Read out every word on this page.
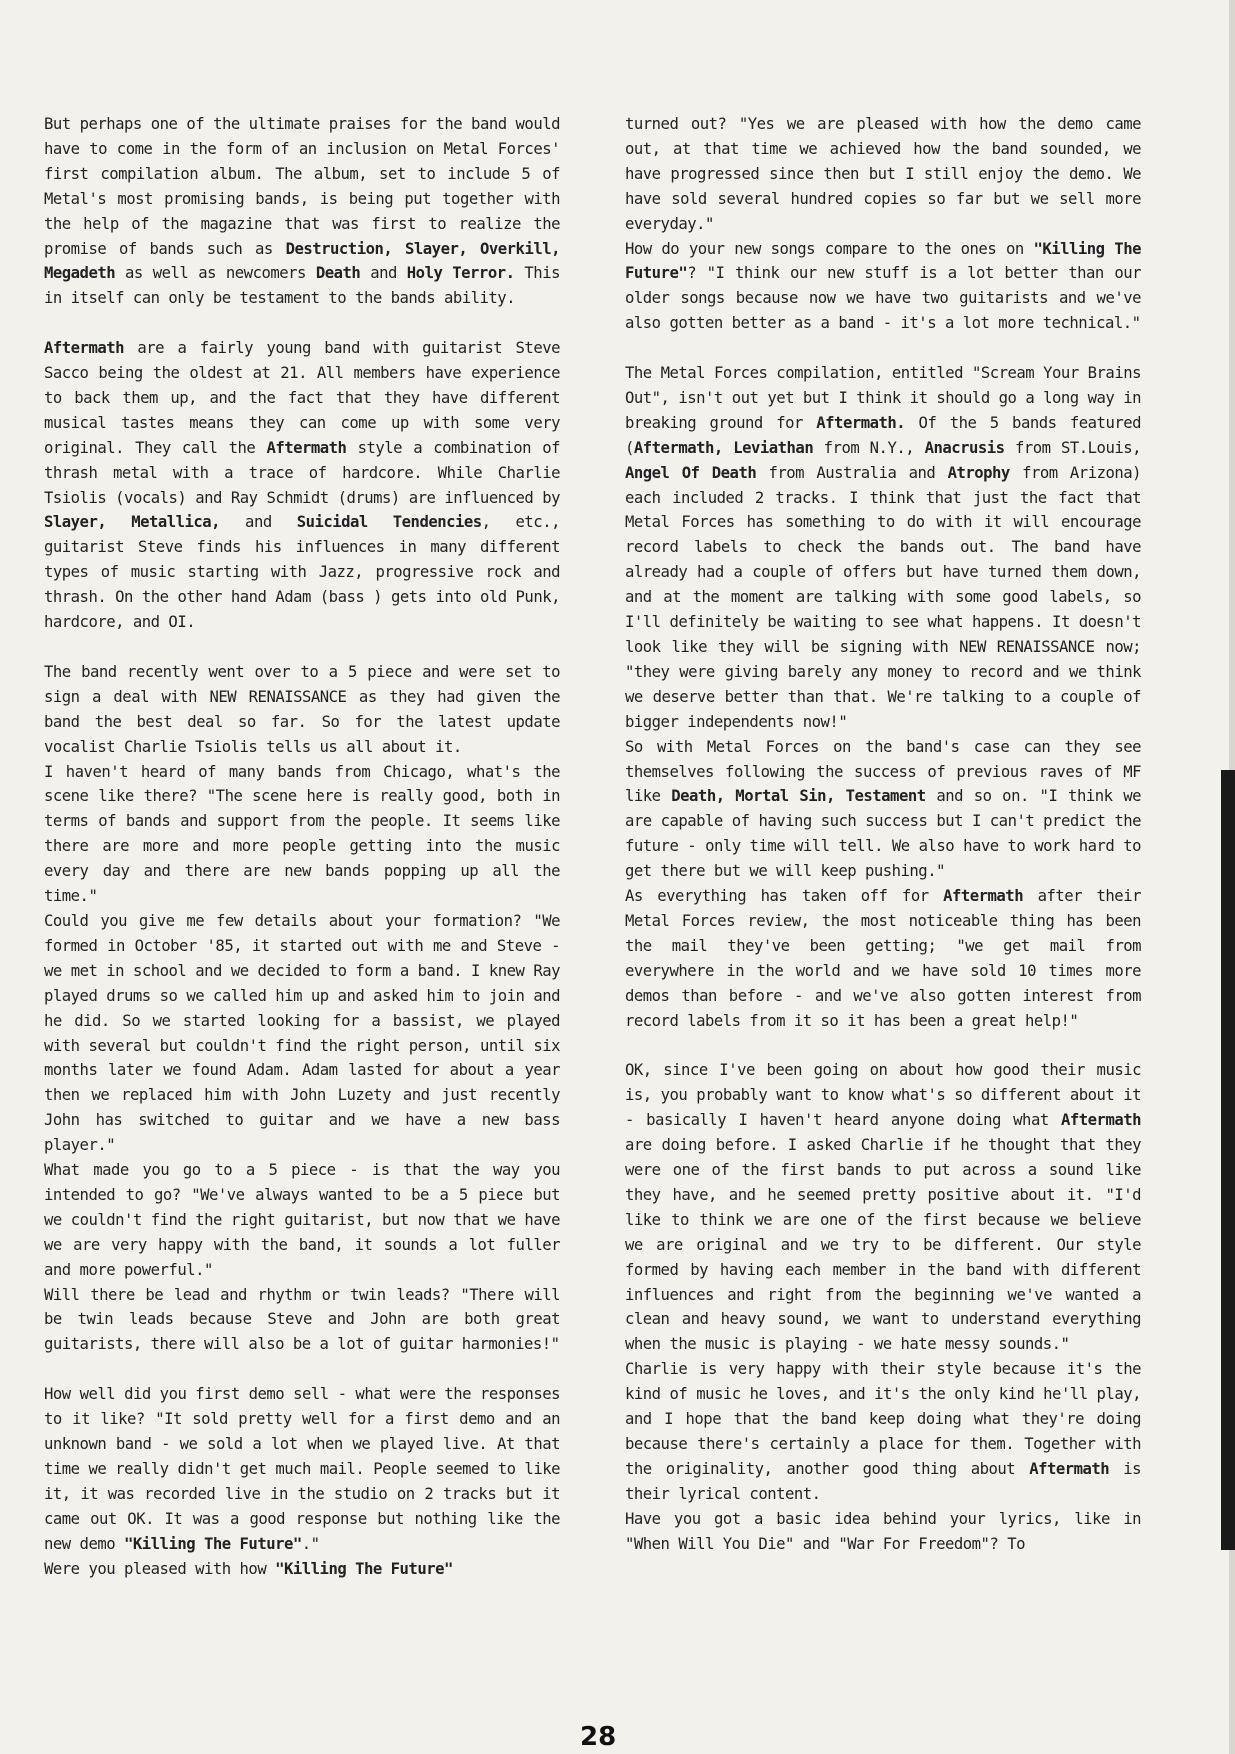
But perhaps one of the ultimate praises for the band would have to come in the form of an inclusion on Metal Forces' first compilation album. The album, set to include 5 of Metal's most promising bands, is being put together with the help of the magazine that was first to realize the promise of bands such as Destruction, Slayer, Overkill, Megadeth as well as newcomers Death and Holy Terror. This in itself can only be testament to the bands ability.

Aftermath are a fairly young band with guitarist Steve Sacco being the oldest at 21. All members have experience to back them up, and the fact that they have different musical tastes means they can come up with some very original. They call the Aftermath style a combination of thrash metal with a trace of hardcore. While Charlie Tsiolis (vocals) and Ray Schmidt (drums) are influenced by Slayer, Metallica, and Suicidal Tendencies, etc., guitarist Steve finds his influences in many different types of music starting with Jazz, progressive rock and thrash. On the other hand Adam (bass ) gets into old Punk, hardcore, and OI.

The band recently went over to a 5 piece and were set to sign a deal with NEW RENAISSANCE as they had given the band the best deal so far. So for the latest update vocalist Charlie Tsiolis tells us all about it.

I haven't heard of many bands from Chicago, what's the scene like there? "The scene here is really good, both in terms of bands and support from the people. It seems like there are more and more people getting into the music every day and there are new bands popping up all the time."

Could you give me few details about your formation? "We formed in October '85, it started out with me and Steve - we met in school and we decided to form a band. I knew Ray played drums so we called him up and asked him to join and he did. So we started looking for a bassist, we played with several but couldn't find the right person, until six months later we found Adam. Adam lasted for about a year then we replaced him with John Luzety and just recently John has switched to guitar and we have a new bass player."

What made you go to a 5 piece - is that the way you intended to go? "We've always wanted to be a 5 piece but we couldn't find the right guitarist, but now that we have we are very happy with the band, it sounds a lot fuller and more powerful."

Will there be lead and rhythm or twin leads? "There will be twin leads because Steve and John are both great guitarists, there will also be a lot of guitar harmonies!"

How well did you first demo sell - what were the responses to it like? "It sold pretty well for a first demo and an unknown band - we sold a lot when we played live. At that time we really didn't get much mail. People seemed to like it, it was recorded live in the studio on 2 tracks but it came out OK. It was a good response but nothing like the new demo "Killing The Future"."

Were you pleased with how "Killing The Future"

turned out? "Yes we are pleased with how the demo came out, at that time we achieved how the band sounded, we have progressed since then but I still enjoy the demo. We have sold several hundred copies so far but we sell more everyday."

How do your new songs compare to the ones on "Killing The Future"? "I think our new stuff is a lot better than our older songs because now we have two guitarists and we've also gotten better as a band - it's a lot more technical."

The Metal Forces compilation, entitled "Scream Your Brains Out", isn't out yet but I think it should go a long way in breaking ground for Aftermath. Of the 5 bands featured (Aftermath, Leviathan from N.Y., Anacrusis from ST.Louis, Angel Of Death from Australia and Atrophy from Arizona) each included 2 tracks. I think that just the fact that Metal Forces has something to do with it will encourage record labels to check the bands out. The band have already had a couple of offers but have turned them down, and at the moment are talking with some good labels, so I'll definitely be waiting to see what happens. It doesn't look like they will be signing with NEW RENAISSANCE now; "they were giving barely any money to record and we think we deserve better than that. We're talking to a couple of bigger independents now!"

So with Metal Forces on the band's case can they see themselves following the success of previous raves of MF like Death, Mortal Sin, Testament and so on. "I think we are capable of having such success but I can't predict the future - only time will tell. We also have to work hard to get there but we will keep pushing."

As everything has taken off for Aftermath after their Metal Forces review, the most noticeable thing has been the mail they've been getting; "we get mail from everywhere in the world and we have sold 10 times more demos than before - and we've also gotten interest from record labels from it so it has been a great help!"

OK, since I've been going on about how good their music is, you probably want to know what's so different about it - basically I haven't heard anyone doing what Aftermath are doing before. I asked Charlie if he thought that they were one of the first bands to put across a sound like they have, and he seemed pretty positive about it. "I'd like to think we are one of the first because we believe we are original and we try to be different. Our style formed by having each member in the band with different influences and right from the beginning we've wanted a clean and heavy sound, we want to understand everything when the music is playing - we hate messy sounds."

Charlie is very happy with their style because it's the kind of music he loves, and it's the only kind he'll play, and I hope that the band keep doing what they're doing because there's certainly a place for them. Together with the originality, another good thing about Aftermath is their lyrical content.

Have you got a basic idea behind your lyrics, like in "When Will You Die" and "War For Freedom"? To

28
